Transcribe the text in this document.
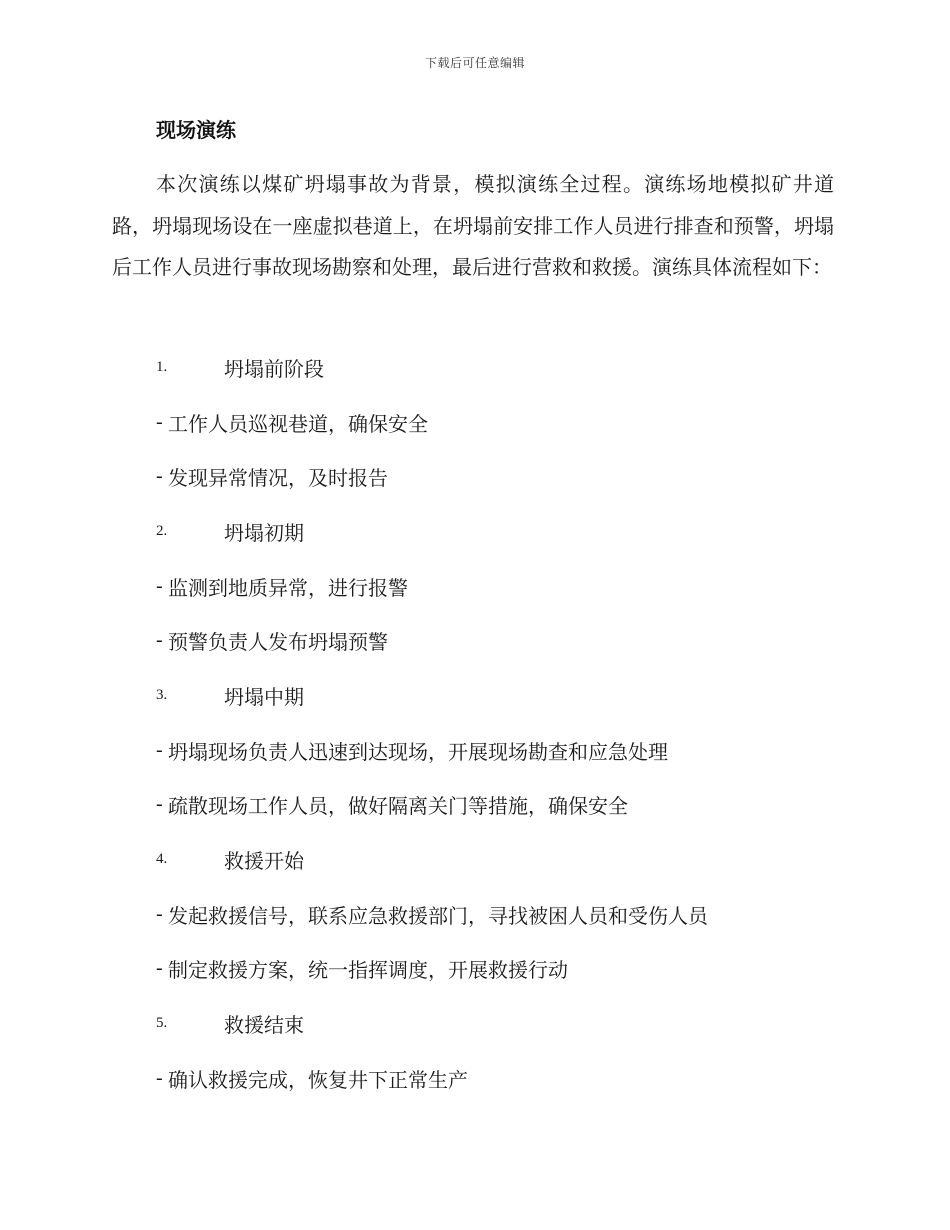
下载后可任意编辑
现场演练

本次演练以煤矿坍塌事故为背景，模拟演练全过程。演练场地模拟矿井道路，坍塌现场设在一座虚拟巷道上，在坍塌前安排工作人员进行排查和预警，坍塌后工作人员进行事故现场勘察和处理，最后进行营救和救援。演练具体流程如下：

1.	坍塌前阶段
- 工作人员巡视巷道，确保安全
- 发现异常情况，及时报告
2.	坍塌初期
- 监测到地质异常，进行报警
- 预警负责人发布坍塌预警
3.	坍塌中期
- 坍塌现场负责人迅速到达现场，开展现场勘查和应急处理
- 疏散现场工作人员，做好隔离关门等措施，确保安全
4.	救援开始
- 发起救援信号，联系应急救援部门，寻找被困人员和受伤人员
- 制定救援方案，统一指挥调度，开展救援行动
5.	救援结束
- 确认救援完成，恢复井下正常生产
